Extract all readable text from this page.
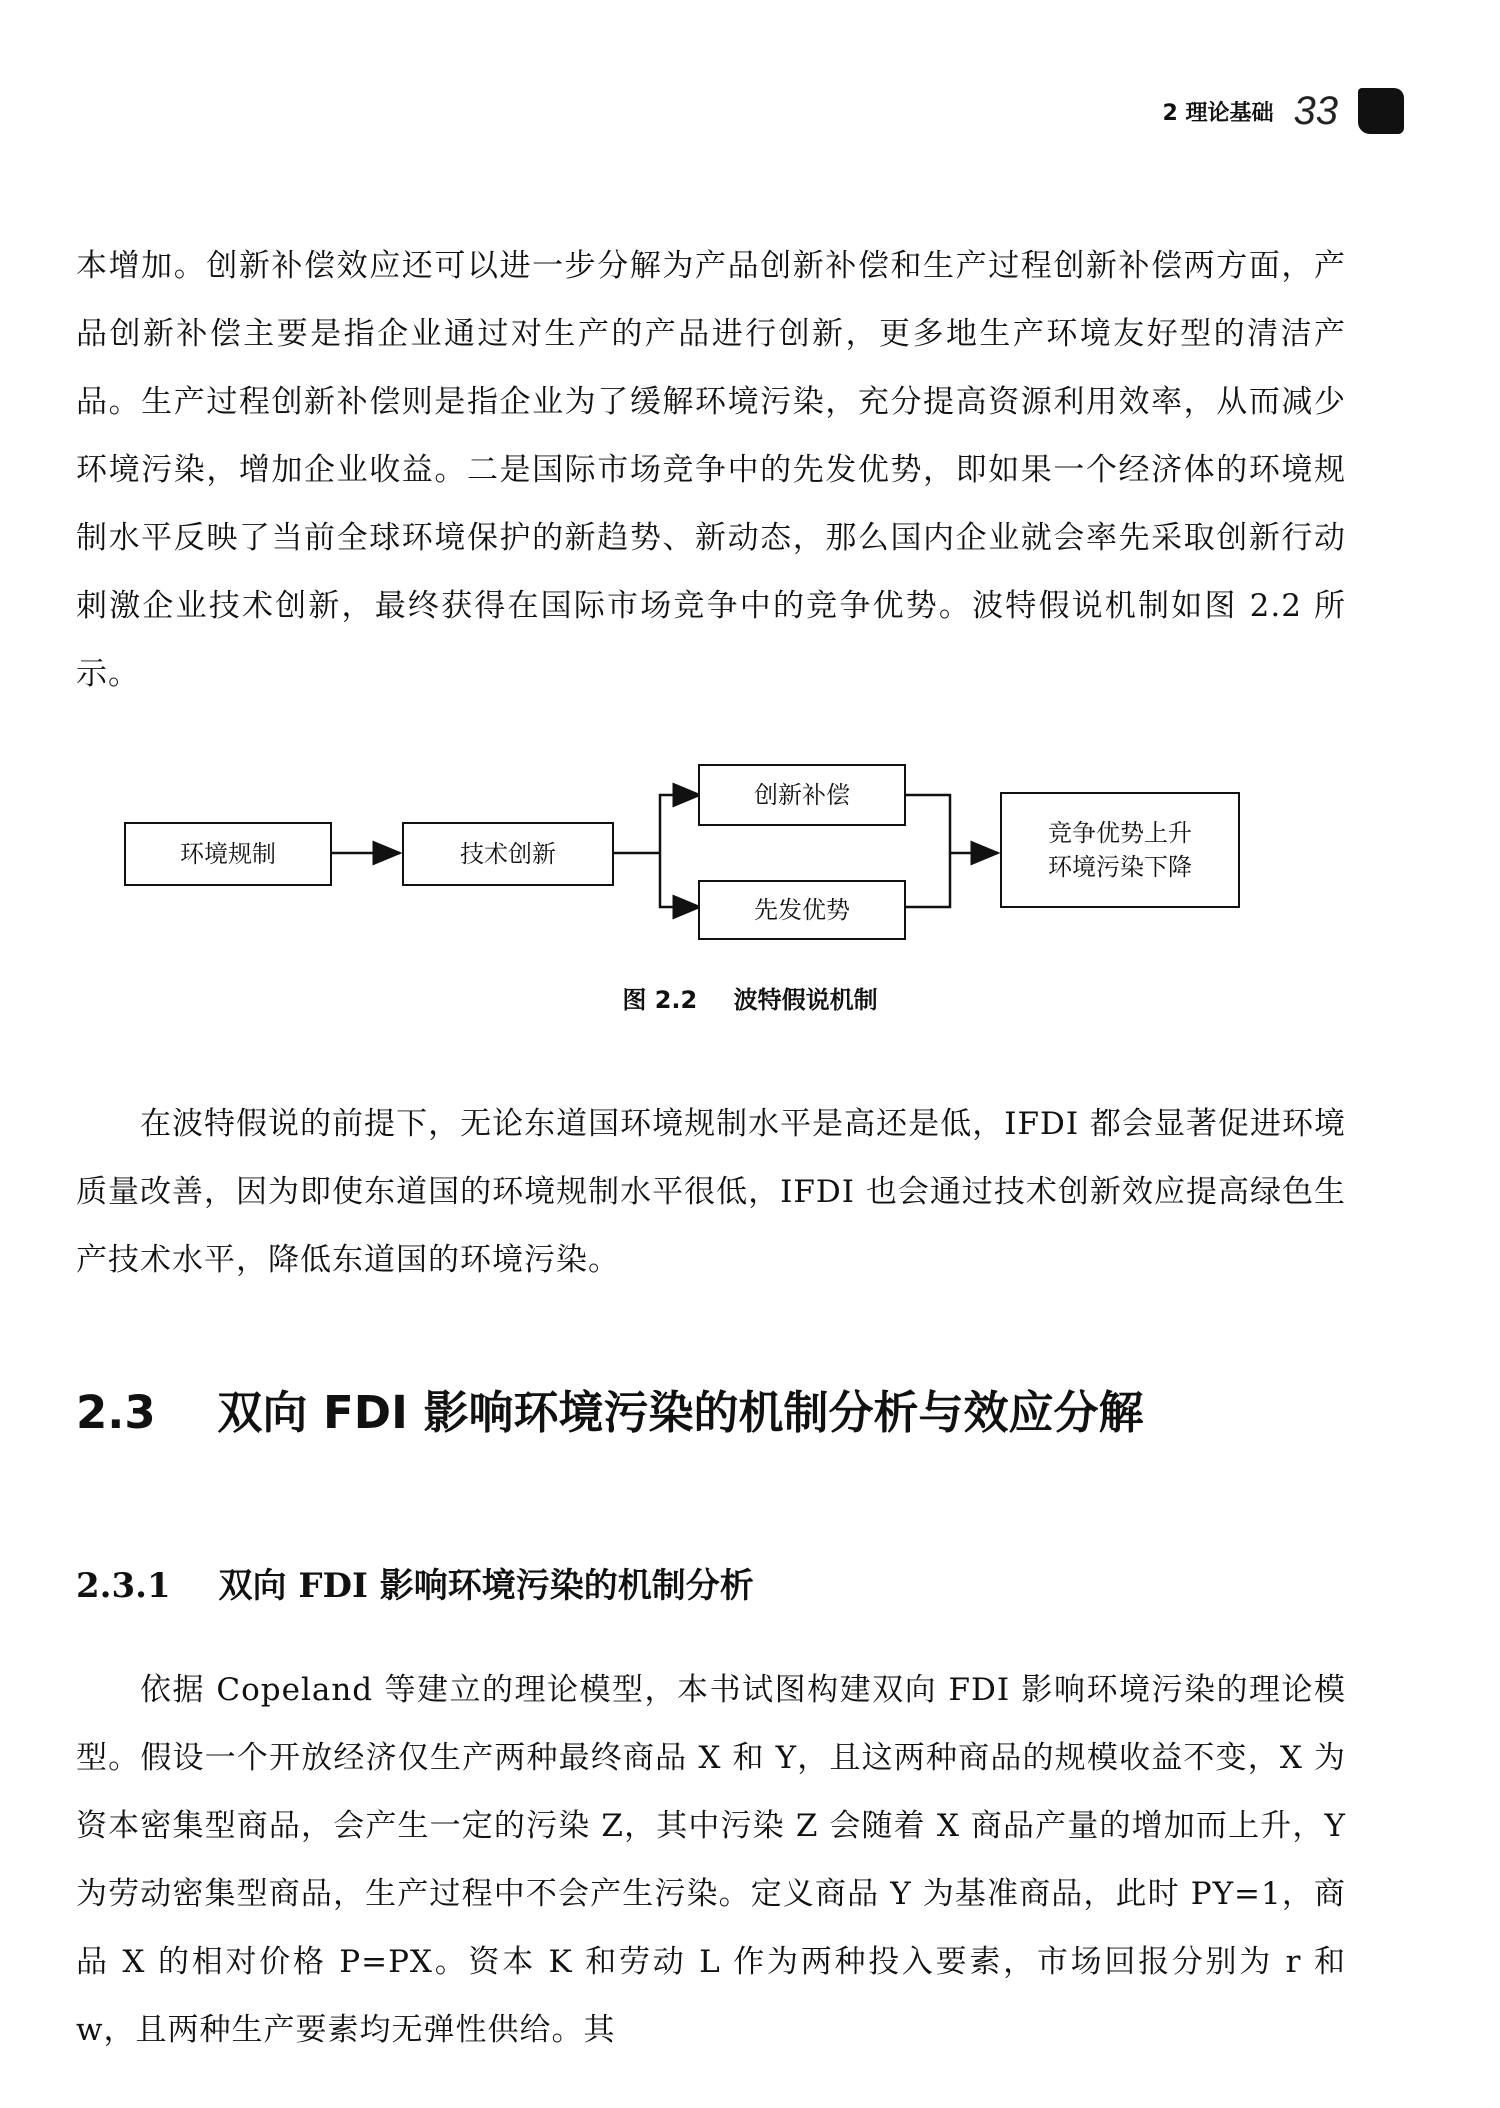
2 理论基础 33

本增加。创新补偿效应还可以进一步分解为产品创新补偿和生产过程创新补偿两方面，产品创新补偿主要是指企业通过对生产的产品进行创新，更多地生产环境友好型的清洁产品。生产过程创新补偿则是指企业为了缓解环境污染，充分提高资源利用效率，从而减少环境污染，增加企业收益。二是国际市场竞争中的先发优势，即如果一个经济体的环境规制水平反映了当前全球环境保护的新趋势、新动态，那么国内企业就会率先采取创新行动刺激企业技术创新，最终获得在国际市场竞争中的竞争优势。波特假说机制如图 2.2 所示。

环境规制	技术创新
创新补偿
先发优势
竞争优势上升
环境污染下降
图 2.2 波特假说机制

在波特假说的前提下，无论东道国环境规制水平是高还是低，IFDI 都会显著促进环境质量改善，因为即使东道国的环境规制水平很低，IFDI 也会通过技术创新效应提高绿色生产技术水平，降低东道国的环境污染。

2.3 双向 FDI 影响环境污染的机制分析与效应分解
2.3.1 双向 FDI 影响环境污染的机制分析

依据 Copeland 等建立的理论模型，本书试图构建双向 FDI 影响环境污染的理论模型。假设一个开放经济仅生产两种最终商品 X 和 Y，且这两种商品的规模收益不变，X 为资本密集型商品，会产生一定的污染 Z，其中污染 Z 会随着 X 商品产量的增加而上升，Y 为劳动密集型商品，生产过程中不会产生污染。定义商品 Y 为基准商品，此时 PY=1，商品 X 的相对价格 P=PX。资本 K 和劳动 L 作为两种投入要素，市场回报分别为 r 和 w，且两种生产要素均无弹性供给。其
